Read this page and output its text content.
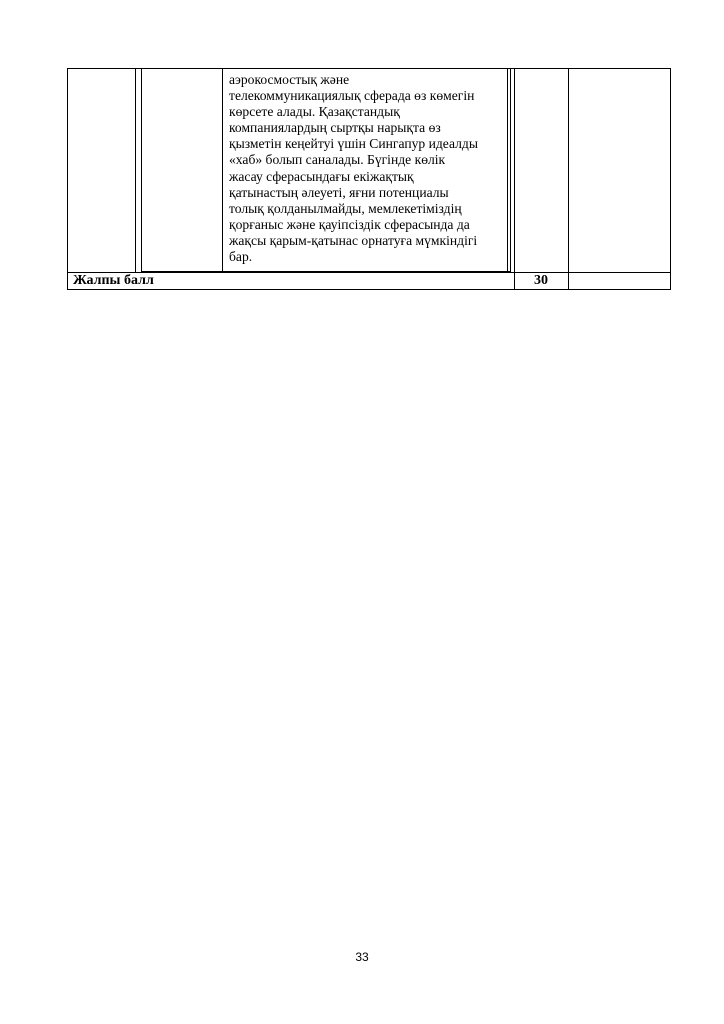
аэрокосмостық және
телекоммуникациялық сферада өз көмегін
көрсете алады. Қазақстандық
компаниялардың сыртқы нарықта өз
қызметін кеңейтуі үшін Сингапур идеалды
«хаб» болып саналады. Бүгінде көлік
жасау сферасындағы екіжақтық
қатынастың әлеуеті, яғни потенциалы
толық қолданылмайды, мемлекетіміздің
қорғаныс және қауіпсіздік сферасында да
жақсы қарым-қатынас орнатуға мүмкіндігі
бар.
Жалпы балл	30
33
